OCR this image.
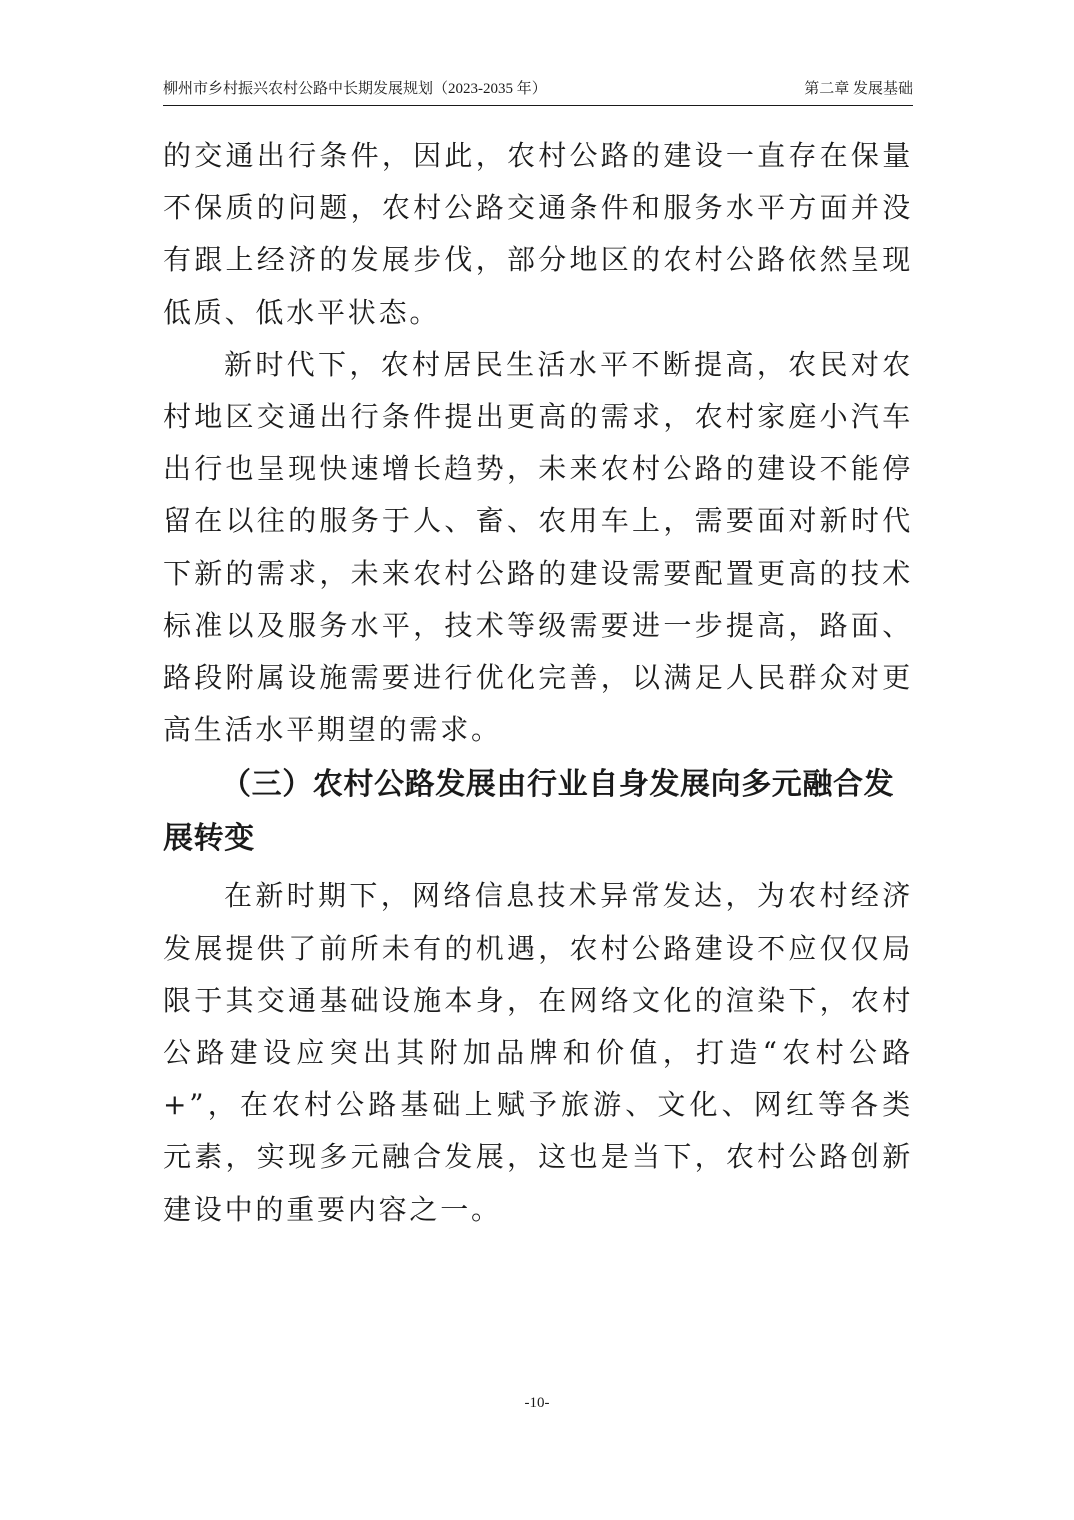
柳州市乡村振兴农村公路中长期发展规划（2023-2035 年）	第二章 发展基础

的交通出行条件，因此，农村公路的建设一直存在保量不保质的问题，农村公路交通条件和服务水平方面并没有跟上经济的发展步伐，部分地区的农村公路依然呈现低质、低水平状态。

新时代下，农村居民生活水平不断提高，农民对农村地区交通出行条件提出更高的需求，农村家庭小汽车出行也呈现快速增长趋势，未来农村公路的建设不能停留在以往的服务于人、畜、农用车上，需要面对新时代下新的需求，未来农村公路的建设需要配置更高的技术标准以及服务水平，技术等级需要进一步提高，路面、路段附属设施需要进行优化完善，以满足人民群众对更高生活水平期望的需求。

（三）农村公路发展由行业自身发展向多元融合发展转变

在新时期下，网络信息技术异常发达，为农村经济发展提供了前所未有的机遇，农村公路建设不应仅仅局限于其交通基础设施本身，在网络文化的渲染下，农村公路建设应突出其附加品牌和价值，打造“农村公路+”，在农村公路基础上赋予旅游、文化、网红等各类元素，实现多元融合发展，这也是当下，农村公路创新建设中的重要内容之一。

-10-
